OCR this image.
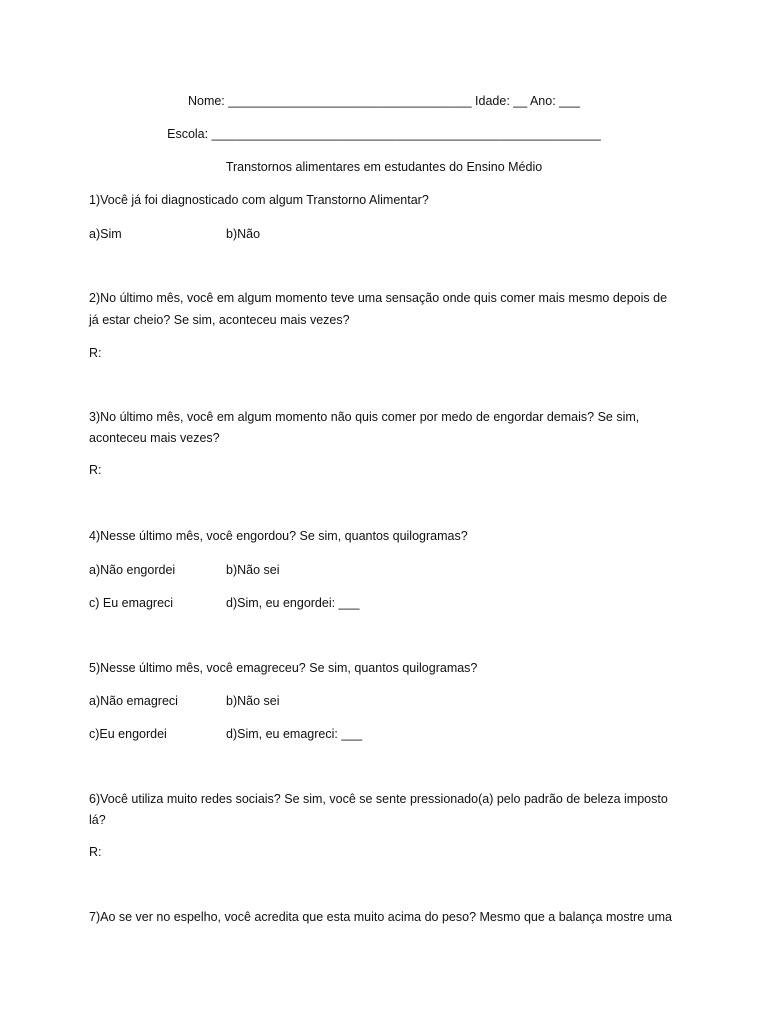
Nome: ___________________________________ Idade: __ Ano: ___
Escola: ________________________________________________________
Transtornos alimentares em estudantes do Ensino Médio
1)Você já foi diagnosticado com algum Transtorno Alimentar?
a)Sim	b)Não
2)No último mês, você em algum momento teve uma sensação onde quis comer mais mesmo depois de
já estar cheio? Se sim, aconteceu mais vezes?
R:
3)No último mês, você em algum momento não quis comer por medo de engordar demais? Se sim,
aconteceu mais vezes?
R:
4)Nesse último mês, você engordou? Se sim, quantos quilogramas?
a)Não engordei	b)Não sei
c) Eu emagreci	d)Sim, eu engordei: ___
5)Nesse último mês, você emagreceu? Se sim, quantos quilogramas?
a)Não emagreci	b)Não sei
c)Eu engordei	d)Sim, eu emagreci: ___
6)Você utiliza muito redes sociais? Se sim, você se sente pressionado(a) pelo padrão de beleza imposto
lá?
R:
7)Ao se ver no espelho, você acredita que esta muito acima do peso? Mesmo que a balança mostre uma
